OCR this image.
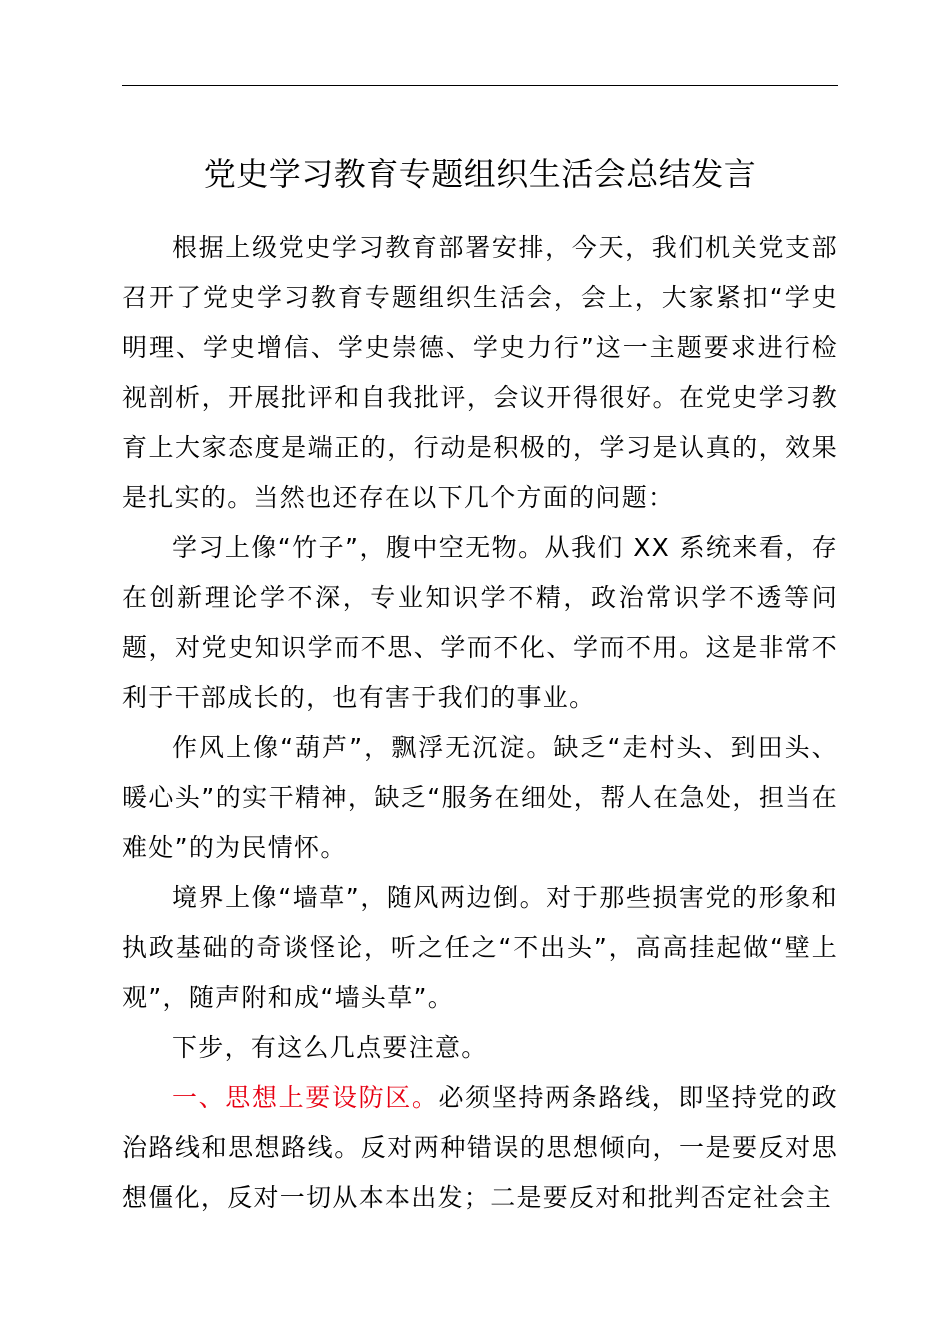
党史学习教育专题组织生活会总结发言

根据上级党史学习教育部署安排，今天，我们机关党支部召开了党史学习教育专题组织生活会，会上，大家紧扣“学史明理、学史增信、学史崇德、学史力行”这一主题要求进行检视剖析，开展批评和自我批评，会议开得很好。在党史学习教育上大家态度是端正的，行动是积极的，学习是认真的，效果是扎实的。当然也还存在以下几个方面的问题：

学习上像“竹子”，腹中空无物。从我们 XX 系统来看，存在创新理论学不深，专业知识学不精，政治常识学不透等问题，对党史知识学而不思、学而不化、学而不用。这是非常不利于干部成长的，也有害于我们的事业。

作风上像“葫芦”，飘浮无沉淀。缺乏“走村头、到田头、暖心头”的实干精神，缺乏“服务在细处，帮人在急处，担当在难处”的为民情怀。

境界上像“墙草”，随风两边倒。对于那些损害党的形象和执政基础的奇谈怪论，听之任之“不出头”，高高挂起做“壁上观”，随声附和成“墙头草”。

下步，有这么几点要注意。

一、思想上要设防区。必须坚持两条路线，即坚持党的政治路线和思想路线。反对两种错误的思想倾向，一是要反对思想僵化，反对一切从本本出发；二是要反对和批判否定社会主
